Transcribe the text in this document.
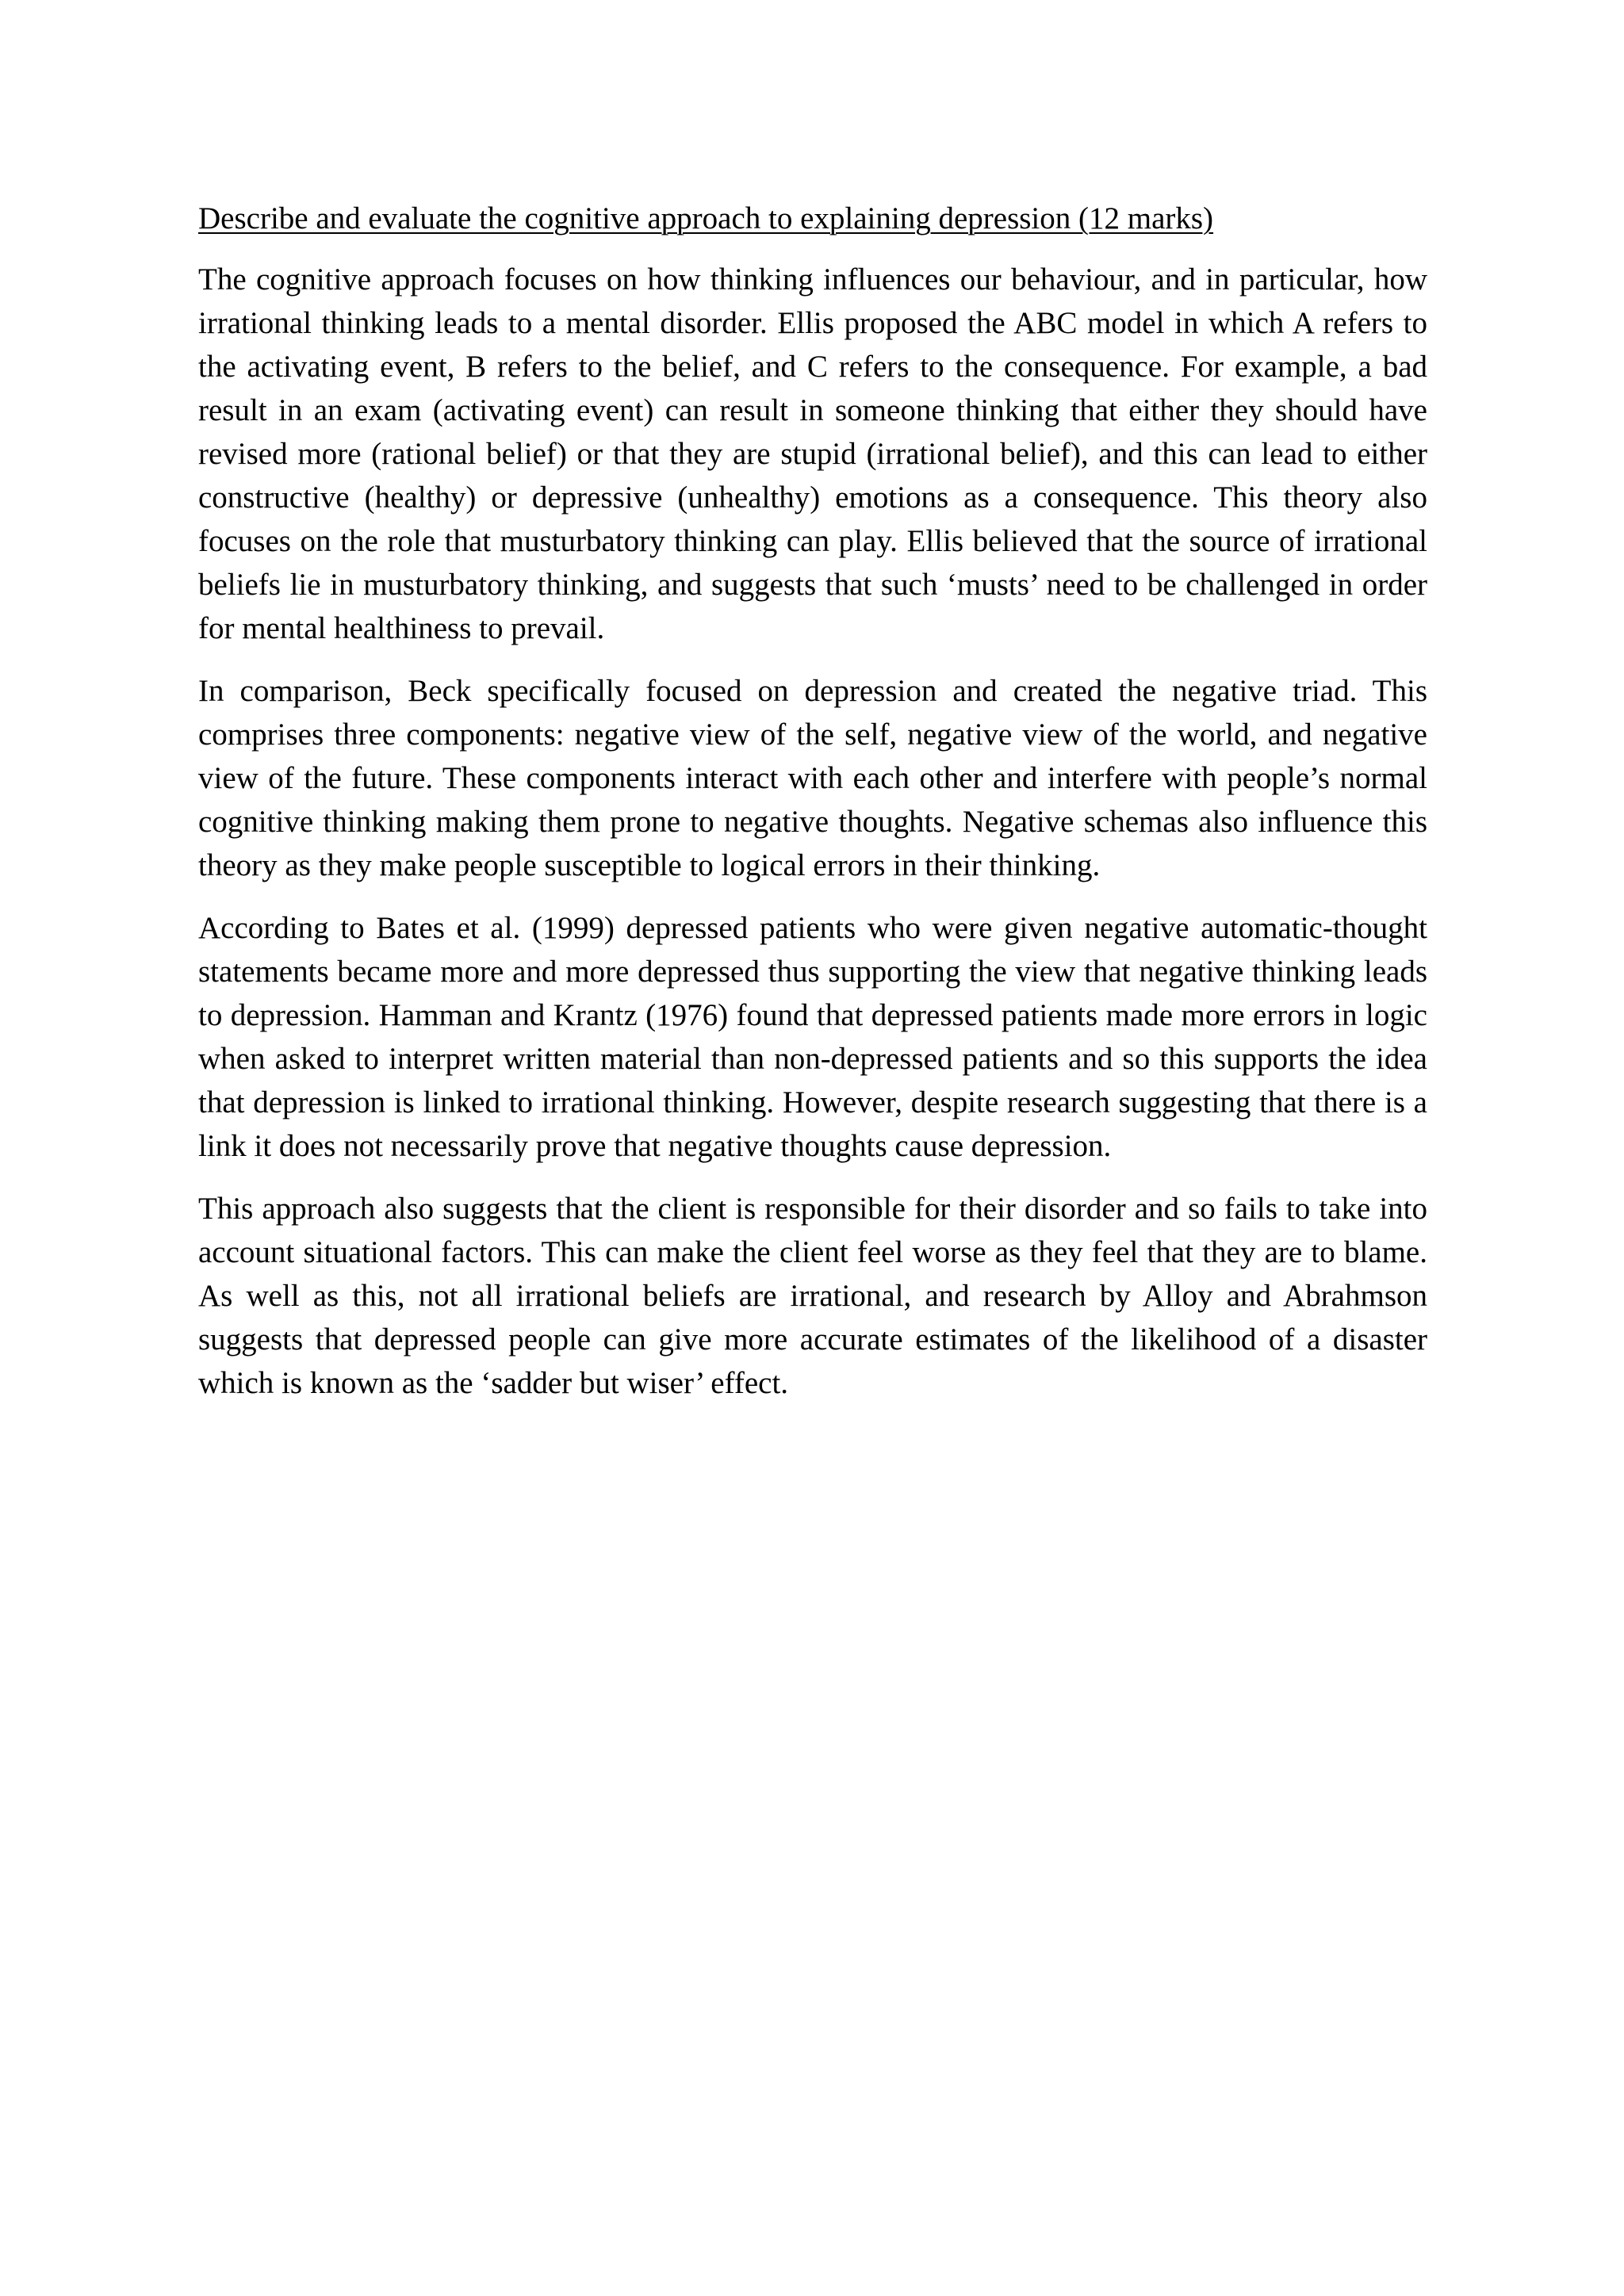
Describe and evaluate the cognitive approach to explaining depression (12 marks)

The cognitive approach focuses on how thinking influences our behaviour, and in particular, how irrational thinking leads to a mental disorder. Ellis proposed the ABC model in which A refers to the activating event, B refers to the belief, and C refers to the consequence. For example, a bad result in an exam (activating event) can result in someone thinking that either they should have revised more (rational belief) or that they are stupid (irrational belief), and this can lead to either constructive (healthy) or depressive (unhealthy) emotions as a consequence. This theory also focuses on the role that musturbatory thinking can play. Ellis believed that the source of irrational beliefs lie in musturbatory thinking, and suggests that such ‘musts’ need to be challenged in order for mental healthiness to prevail.

In comparison, Beck specifically focused on depression and created the negative triad. This comprises three components: negative view of the self, negative view of the world, and negative view of the future. These components interact with each other and interfere with people’s normal cognitive thinking making them prone to negative thoughts. Negative schemas also influence this theory as they make people susceptible to logical errors in their thinking.

According to Bates et al. (1999) depressed patients who were given negative automatic-thought statements became more and more depressed thus supporting the view that negative thinking leads to depression. Hamman and Krantz (1976) found that depressed patients made more errors in logic when asked to interpret written material than non-depressed patients and so this supports the idea that depression is linked to irrational thinking. However, despite research suggesting that there is a link it does not necessarily prove that negative thoughts cause depression.

This approach also suggests that the client is responsible for their disorder and so fails to take into account situational factors. This can make the client feel worse as they feel that they are to blame. As well as this, not all irrational beliefs are irrational, and research by Alloy and Abrahmson suggests that depressed people can give more accurate estimates of the likelihood of a disaster which is known as the ‘sadder but wiser’ effect.
